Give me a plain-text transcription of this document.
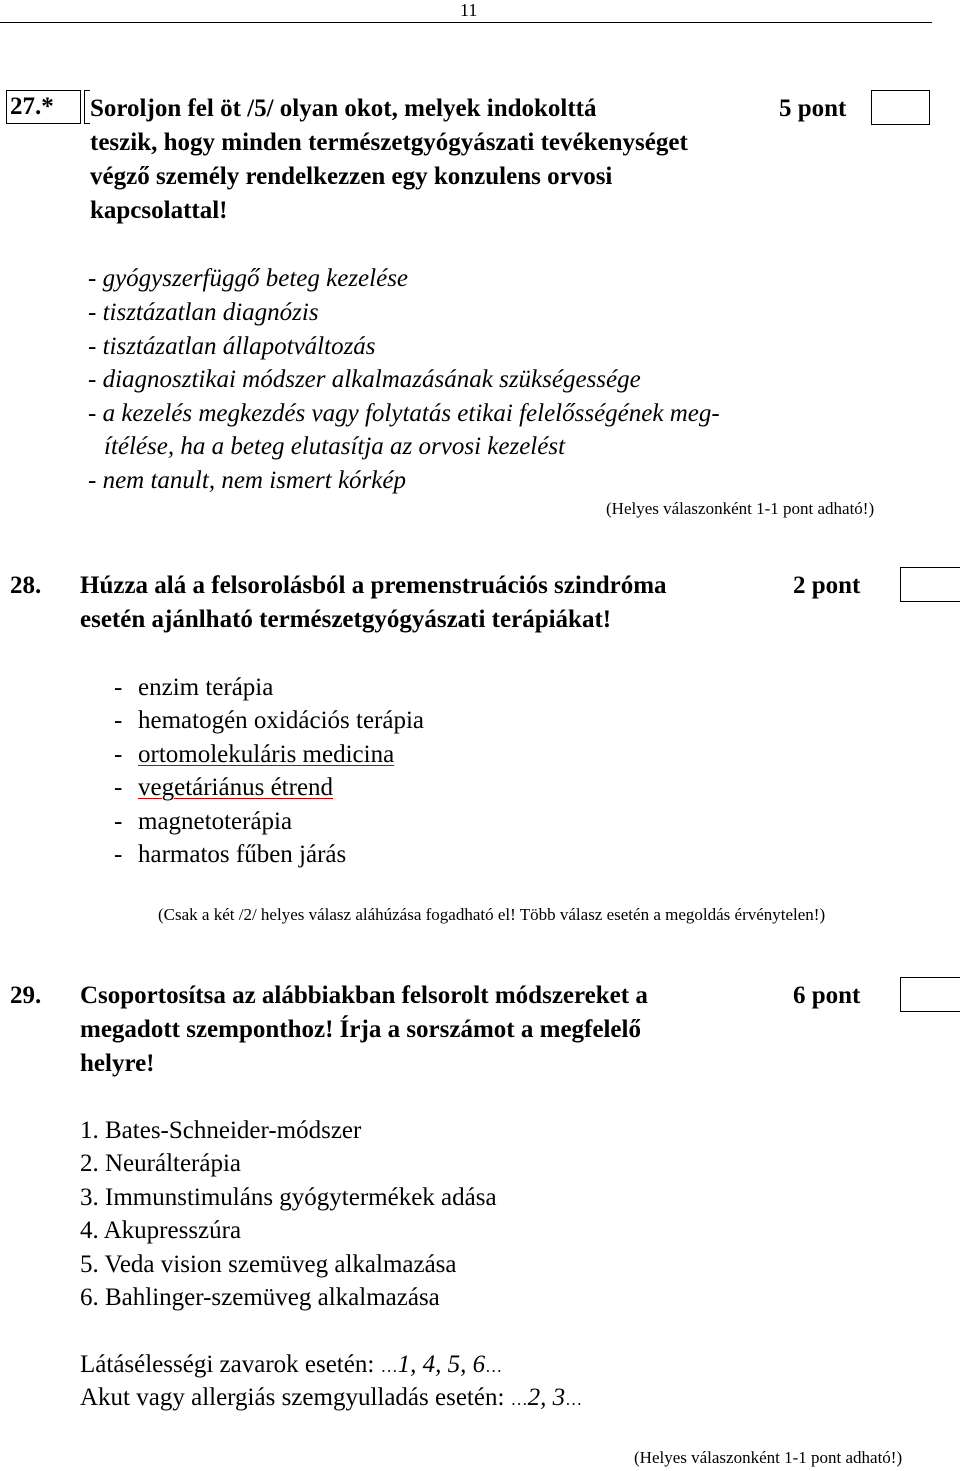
11
27.* Soroljon fel öt /5/ olyan okot, melyek indokolttá	5 pont
teszik, hogy minden természetgyógyászati tevékenységet
végző személy rendelkezzen egy konzulens orvosi
kapcsolattal!
- gyógyszerfüggő beteg kezelése
- tisztázatlan diagnózis
- tisztázatlan állapotváltozás
- diagnosztikai módszer alkalmazásának szükségessége
- a kezelés megkezdés vagy folytatás etikai felelősségének meg-
ítélése, ha a beteg elutasítja az orvosi kezelést
- nem tanult, nem ismert kórkép
(Helyes válaszonként 1-1 pont adható!)
28. Húzza alá a felsorolásból a premenstruációs szindróma	2 pont
esetén ajánlható természetgyógyászati terápiákat!
- enzim terápia
- hematogén oxidációs terápia
- ortomolekuláris medicina
- vegetáriánus étrend
- magnetoterápia
- harmatos fűben járás
(Csak a két /2/ helyes válasz aláhúzása fogadható el! Több válasz esetén a megoldás érvénytelen!)
29. Csoportosítsa az alábbiakban felsorolt módszereket a	6 pont
megadott szemponthoz! Írja a sorszámot a megfelelő
helyre!
1. Bates-Schneider-módszer
2. Neurálterápia
3. Immunstimuláns gyógytermékek adása
4. Akupresszúra
5. Veda vision szemüveg alkalmazása
6. Bahlinger-szemüveg alkalmazása
Látásélességi zavarok esetén: …1, 4, 5, 6…
Akut vagy allergiás szemgyulladás esetén: …2, 3…
(Helyes válaszonként 1-1 pont adható!)
